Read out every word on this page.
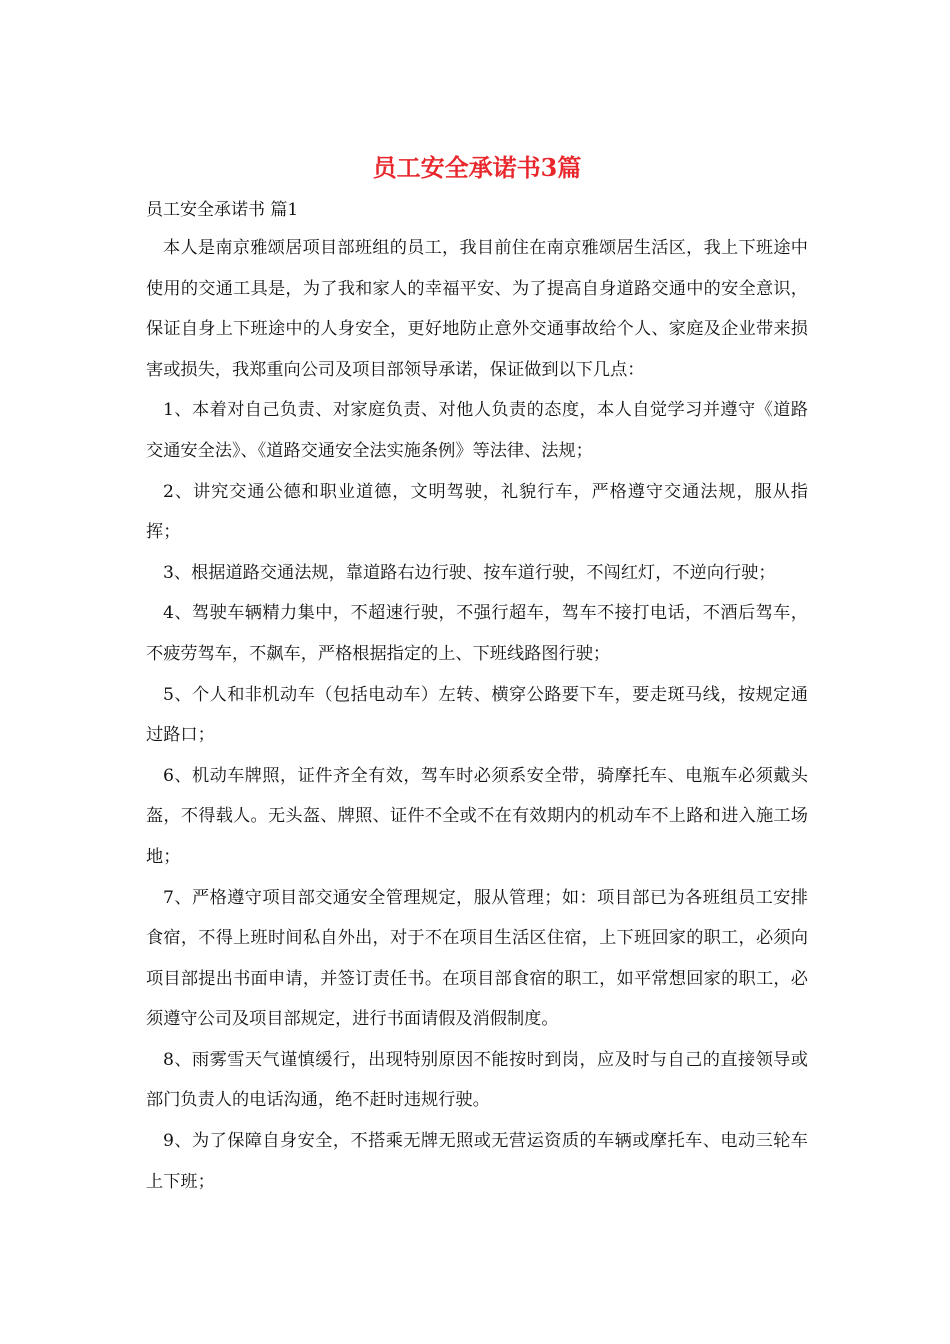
员工安全承诺书3篇
员工安全承诺书 篇1

本人是南京雅颂居项目部班组的员工，我目前住在南京雅颂居生活区，我上下班途中使用的交通工具是，为了我和家人的幸福平安、为了提高自身道路交通中的安全意识，保证自身上下班途中的人身安全，更好地防止意外交通事故给个人、家庭及企业带来损害或损失，我郑重向公司及项目部领导承诺，保证做到以下几点：

1、本着对自己负责、对家庭负责、对他人负责的态度，本人自觉学习并遵守《道路交通安全法》、《道路交通安全法实施条例》等法律、法规；

2、讲究交通公德和职业道德，文明驾驶，礼貌行车，严格遵守交通法规，服从指挥；

3、根据道路交通法规，靠道路右边行驶、按车道行驶，不闯红灯，不逆向行驶；

4、驾驶车辆精力集中，不超速行驶，不强行超车，驾车不接打电话，不酒后驾车，不疲劳驾车，不飙车，严格根据指定的上、下班线路图行驶；

5、个人和非机动车（包括电动车）左转、横穿公路要下车，要走斑马线，按规定通过路口；

6、机动车牌照，证件齐全有效，驾车时必须系安全带，骑摩托车、电瓶车必须戴头盔，不得载人。无头盔、牌照、证件不全或不在有效期内的机动车不上路和进入施工场地；

7、严格遵守项目部交通安全管理规定，服从管理；如：项目部已为各班组员工安排食宿，不得上班时间私自外出，对于不在项目生活区住宿，上下班回家的职工，必须向项目部提出书面申请，并签订责任书。在项目部食宿的职工，如平常想回家的职工，必须遵守公司及项目部规定，进行书面请假及消假制度。

8、雨雾雪天气谨慎缓行，出现特别原因不能按时到岗，应及时与自己的直接领导或部门负责人的电话沟通，绝不赶时违规行驶。

9、为了保障自身安全，不搭乘无牌无照或无营运资质的车辆或摩托车、电动三轮车上下班；
